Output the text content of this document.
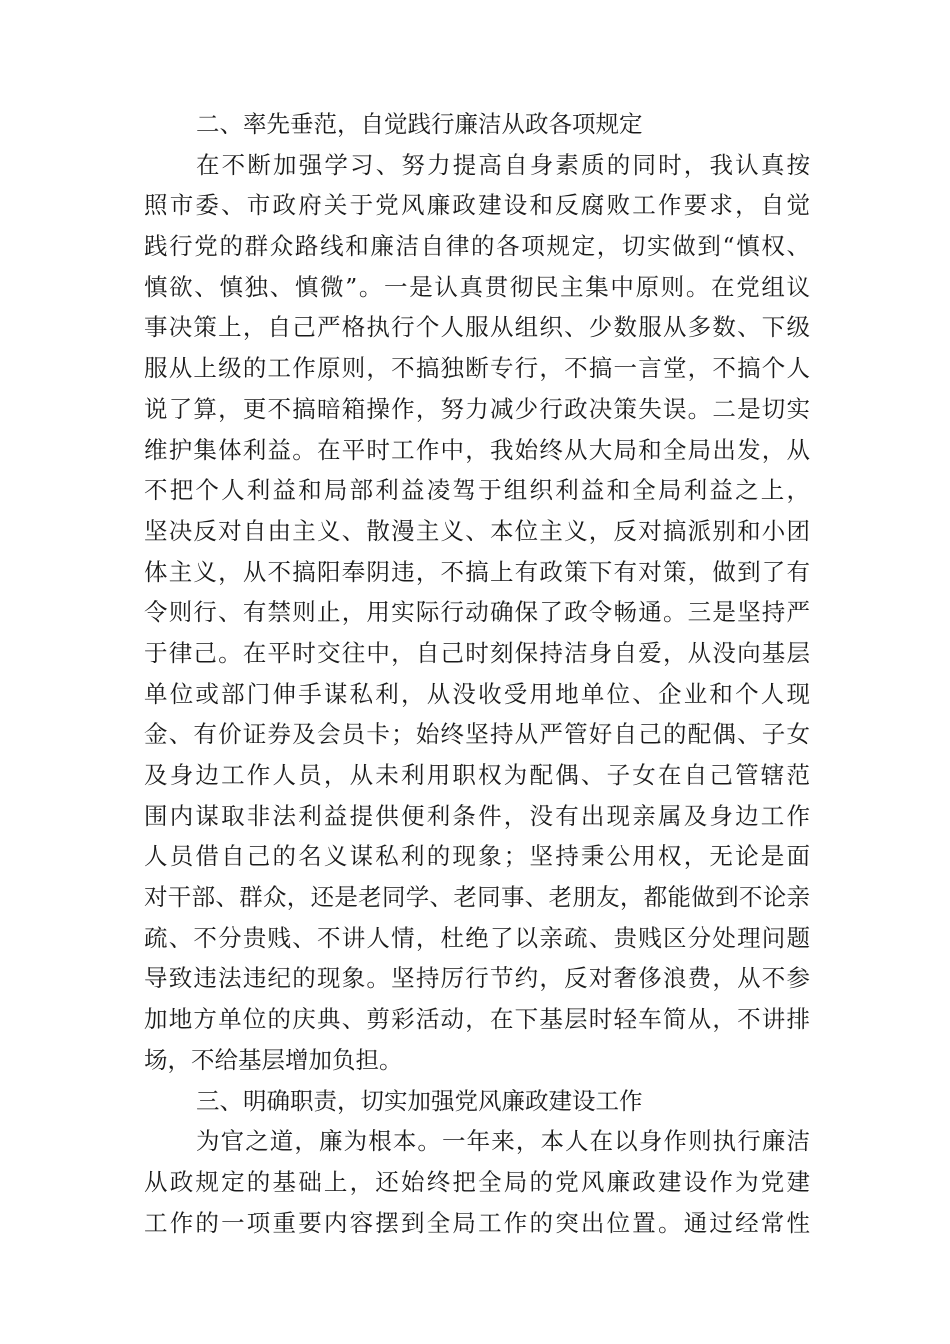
二、率先垂范，自觉践行廉洁从政各项规定
在不断加强学习、努力提高自身素质的同时，我认真按
照市委、市政府关于党风廉政建设和反腐败工作要求，自觉
践行党的群众路线和廉洁自律的各项规定，切实做到“慎权、
慎欲、慎独、慎微”。一是认真贯彻民主集中原则。在党组议
事决策上，自己严格执行个人服从组织、少数服从多数、下级
服从上级的工作原则，不搞独断专行，不搞一言堂，不搞个人
说了算，更不搞暗箱操作，努力减少行政决策失误。二是切实
维护集体利益。在平时工作中，我始终从大局和全局出发，从
不把个人利益和局部利益凌驾于组织利益和全局利益之上，
坚决反对自由主义、散漫主义、本位主义，反对搞派别和小团
体主义，从不搞阳奉阴违，不搞上有政策下有对策，做到了有
令则行、有禁则止，用实际行动确保了政令畅通。三是坚持严
于律己。在平时交往中，自己时刻保持洁身自爱，从没向基层
单位或部门伸手谋私利，从没收受用地单位、企业和个人现
金、有价证券及会员卡；始终坚持从严管好自己的配偶、子女
及身边工作人员，从未利用职权为配偶、子女在自己管辖范
围内谋取非法利益提供便利条件，没有出现亲属及身边工作
人员借自己的名义谋私利的现象；坚持秉公用权，无论是面
对干部、群众，还是老同学、老同事、老朋友，都能做到不论亲
疏、不分贵贱、不讲人情，杜绝了以亲疏、贵贱区分处理问题
导致违法违纪的现象。坚持厉行节约，反对奢侈浪费，从不参
加地方单位的庆典、剪彩活动，在下基层时轻车简从，不讲排
场，不给基层增加负担。
三、明确职责，切实加强党风廉政建设工作
为官之道，廉为根本。一年来，本人在以身作则执行廉洁
从政规定的基础上，还始终把全局的党风廉政建设作为党建
工作的一项重要内容摆到全局工作的突出位置。通过经常性
